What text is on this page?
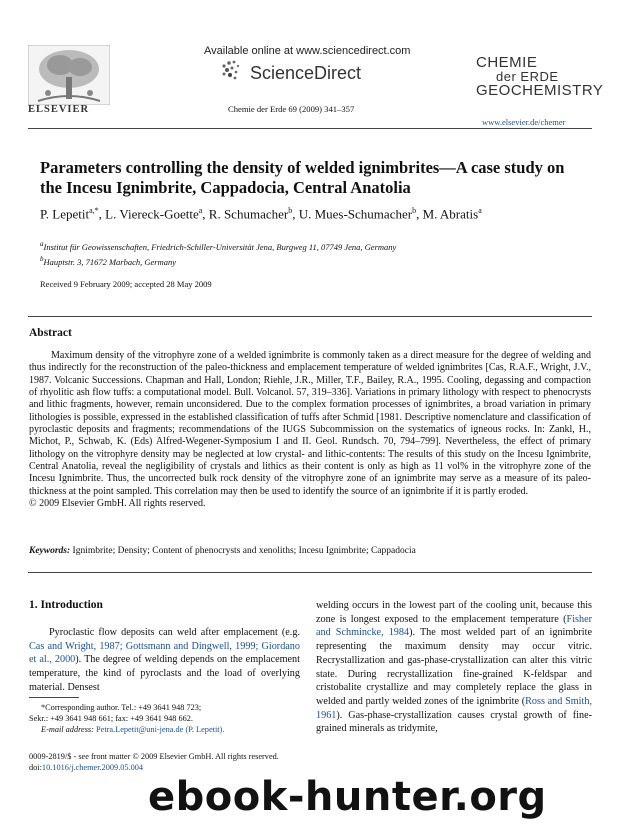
ELSEVIER
Available online at www.sciencedirect.com
ScienceDirect
Chemie der Erde 69 (2009) 341–357
CHEMIE
der ERDE
GEOCHEMISTRY
www.elsevier.de/chemer
Parameters controlling the density of welded ignimbrites—A case study on the Incesu Ignimbrite, Cappadocia, Central Anatolia
P. Lepetit$^{a,*}$, L. Viereck-Goette$^a$, R. Schumacher$^b$, U. Mues-Schumacher$^b$, M. Abratis$^a$
$^a$Institut für Geowissenschaften, Friedrich-Schiller-Universität Jena, Burgweg 11, 07749 Jena, Germany
$^b$Hauptstr. 3, 71672 Marbach, Germany
Received 9 February 2009; accepted 28 May 2009
Abstract
Maximum density of the vitrophyre zone of a welded ignimbrite is commonly taken as a direct measure for the degree of welding and thus indirectly for the reconstruction of the paleo-thickness and emplacement temperature of welded ignimbrites [Cas, R.A.F., Wright, J.V., 1987. Volcanic Successions. Chapman and Hall, London; Riehle, J.R., Miller, T.F., Bailey, R.A., 1995. Cooling, degassing and compaction of rhyolitic ash flow tuffs: a computational model. Bull. Volcanol. 57, 319–336]. Variations in primary lithology with respect to phenocrysts and lithic fragments, however, remain unconsidered. Due to the complex formation processes of ignimbrites, a broad variation in primary lithologies is possible, expressed in the established classification of tuffs after Schmid [1981. Descriptive nomenclature and classification of pyroclastic deposits and fragments; recommendations of the IUGS Subcommission on the systematics of igneous rocks. In: Zankl, H., Michot, P., Schwab, K. (Eds) Alfred-Wegener-Symposium I and II. Geol. Rundsch. 70, 794–799]. Nevertheless, the effect of primary lithology on the vitrophyre density may be neglected at low crystal- and lithic-contents: The results of this study on the Incesu Ignimbrite, Central Anatolia, reveal the negligibility of crystals and lithics as their content is only as high as 11 vol% in the vitrophyre zone of the Incesu Ignimbrite. Thus, the uncorrected bulk rock density of the vitrophyre zone of an ignimbrite may serve as a measure of its paleo-thickness at the point sampled. This correlation may then be used to identify the source of an ignimbrite if it is partly eroded.
© 2009 Elsevier GmbH. All rights reserved.
Keywords: Ignimbrite; Density; Content of phenocrysts and xenoliths; Incesu Ignimbrite; Cappadocia
1. Introduction
Pyroclastic flow deposits can weld after emplacement (e.g. Cas and Wright, 1987; Gottsmann and Dingwell, 1999; Giordano et al., 2000). The degree of welding depends on the emplacement temperature, the kind of pyroclasts and the load of overlying material. Densest
welding occurs in the lowest part of the cooling unit, because this zone is longest exposed to the emplacement temperature (Fisher and Schmincke, 1984). The most welded part of an ignimbrite representing the maximum density may occur vitric. Recrystallization and gas-phase-crystallization can alter this vitric state. During recrystallization fine-grained K-feldspar and cristobalite crystallize and may completely replace the glass in welded and partly welded zones of the ignimbrite (Ross and Smith, 1961). Gas-phase-crystallization causes crystal growth of fine-grained minerals as tridymite,
*Corresponding author. Tel.: +49 3641 948 723;
Sekr.: +49 3641 948 661; fax: +49 3641 948 662.
E-mail address: Petra.Lepetit@uni-jena.de (P. Lepetit).
0009-2819/$ - see front matter © 2009 Elsevier GmbH. All rights reserved.
doi:10.1016/j.chemer.2009.05.004
ebook-hunter.org
